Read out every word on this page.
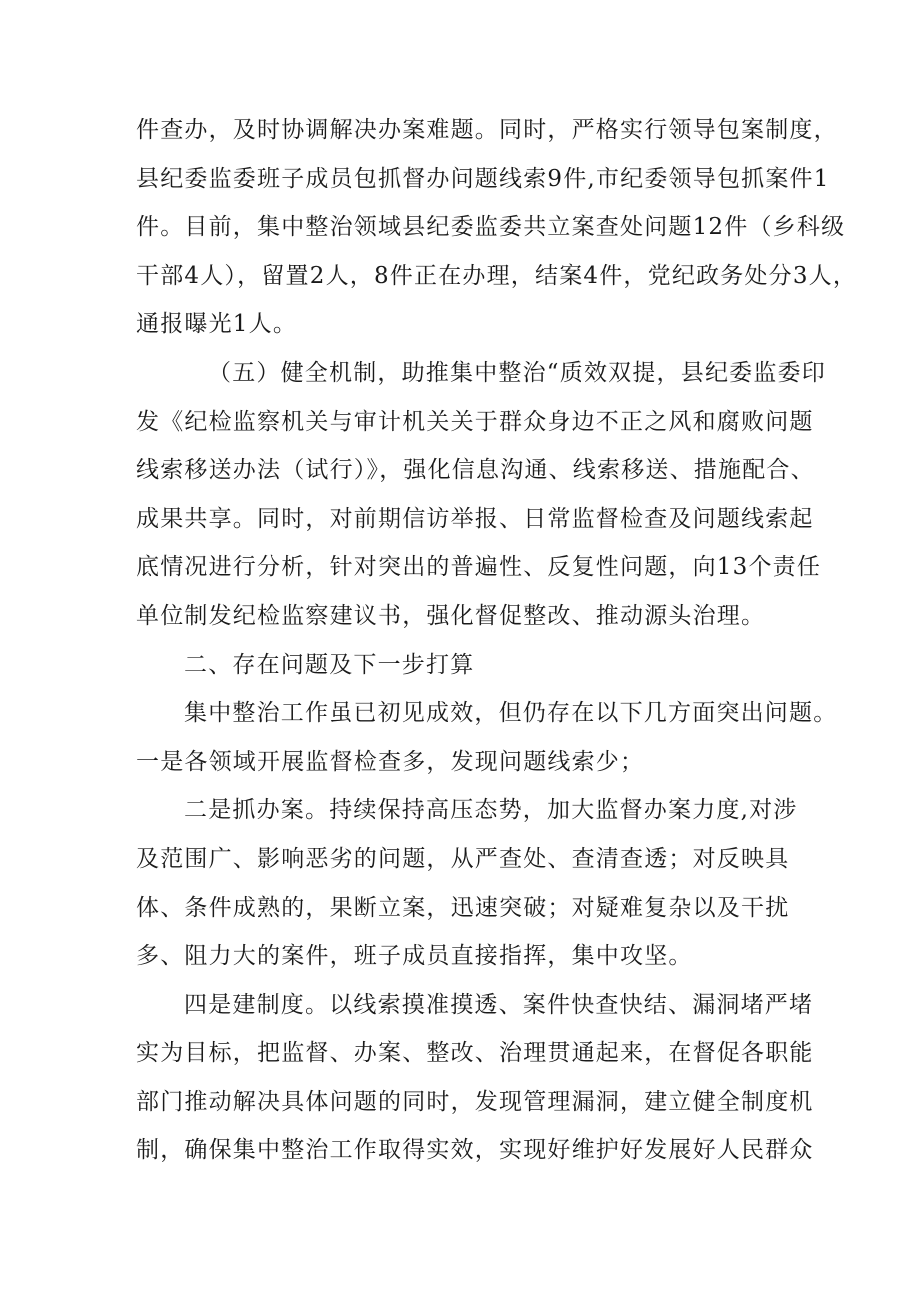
件查办，及时协调解决办案难题。同时，严格实行领导包案制度，
县纪委监委班子成员包抓督办问题线索9件,市纪委领导包抓案件1
件。目前，集中整治领域县纪委监委共立案查处问题12件（乡科级
干部4人），留置2人，8件正在办理，结案4件，党纪政务处分3人，
通报曝光1人。
（五）健全机制，助推集中整治“质效双提，县纪委监委印
发《纪检监察机关与审计机关关于群众身边不正之风和腐败问题
线索移送办法（试行）》，强化信息沟通、线索移送、措施配合、
成果共享。同时，对前期信访举报、日常监督检查及问题线索起
底情况进行分析，针对突出的普遍性、反复性问题，向13个责任
单位制发纪检监察建议书，强化督促整改、推动源头治理。
二、存在问题及下一步打算
集中整治工作虽已初见成效，但仍存在以下几方面突出问题。
一是各领域开展监督检查多，发现问题线索少；
二是抓办案。持续保持高压态势，加大监督办案力度,对涉
及范围广、影响恶劣的问题，从严查处、查清查透；对反映具
体、条件成熟的，果断立案，迅速突破；对疑难复杂以及干扰
多、阻力大的案件，班子成员直接指挥，集中攻坚。
四是建制度。以线索摸准摸透、案件快查快结、漏洞堵严堵
实为目标，把监督、办案、整改、治理贯通起来，在督促各职能
部门推动解决具体问题的同时，发现管理漏洞，建立健全制度机
制，确保集中整治工作取得实效，实现好维护好发展好人民群众
